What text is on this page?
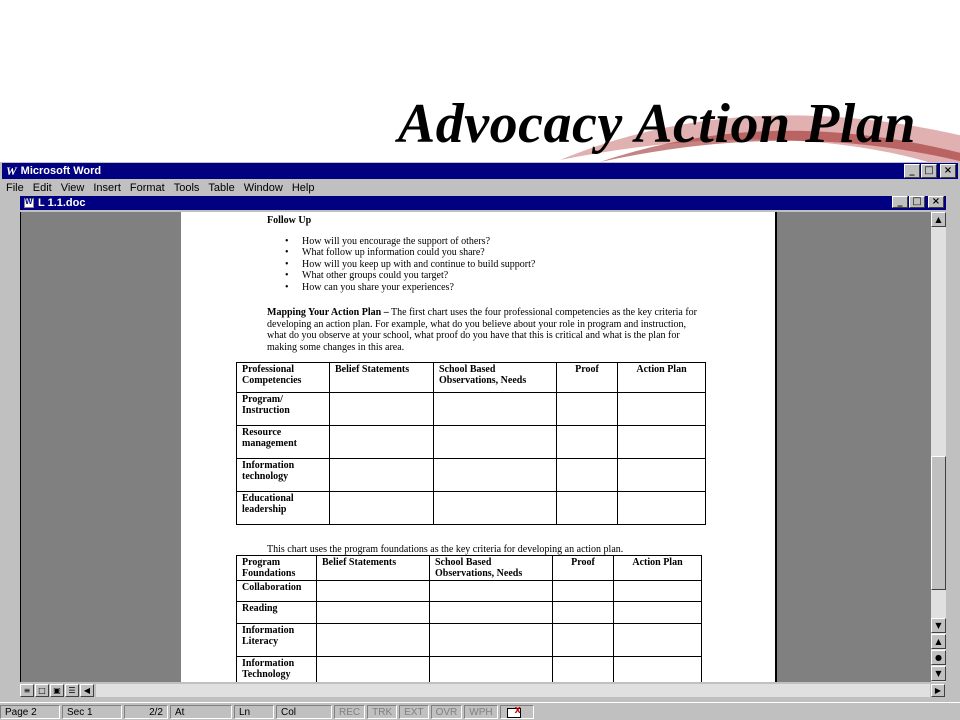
Advocacy Action Plan
W Microsoft Word	_ □	×
File Edit View Insert Format Tools Table Window Help
W
L 1.1.doc	_ □	×
Follow Up
• How will you encourage the support of others?
• What follow up information could you share?
• How will you keep up with and continue to build support?
• What other groups could you target?
• How can you share your experiences?

Mapping Your Action Plan – The first chart uses the four professional competencies as the key criteria for developing an action plan. For example, what do you believe about your role in program and instruction, what do you observe at your school, what proof do you have that this is critical and what is the plan for making some changes in this area.

Professional Competencies	Belief Statements	School Based Observations, Needs	Proof	Action Plan
Program/ Instruction				
Resource management				
Information technology				
Educational leadership				
This chart uses the program foundations as the key criteria for developing an action plan.
Program Foundations	Belief Statements	School Based Observations, Needs	Proof	Action Plan
Collaboration				
Reading				
Information Literacy				
Information Technology				
▲
▼
▲
●
▼
≡ □ ▣ ☰	◀	▶
Page 2	Sec 1	2/2	At	Ln	Col	REC	TRK	EXT	OVR	WPH
x
